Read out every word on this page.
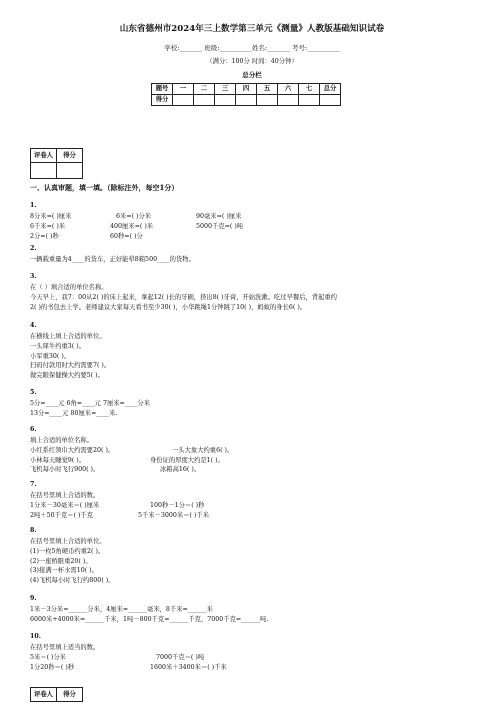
山东省德州市2024年三上数学第三单元《测量》人教版基础知识试卷
学校:_______ 班级:__________姓名:_______ 考号:__________
（满分：100分 时间：40分钟）
总分栏
题号	一	二	三	四	五	六	七	总分
得分								
评卷人	得分

一、认真审题，填一填。（除标注外，每空1分）
1.
8分米=( )厘米	6米=( )分米	90毫米=( )厘米
6千米=( )米	400厘米=( )米	5000千克=( )吨
2分=( )秒	60秒=( )分
2.
一辆载重量为4____的货车，正好能晕8箱500____的货物。
3.
在（ ）填合适的单位名称。
今天早上，我7：00从2( )的床上起来，拿起12( )长的牙刷，挤出8( )牙膏，开始洗漱。吃过早餐后，背起重约
2( )的书包去上学。老师建议大家每天看书至少30( )，小华跳绳1分钟跳了10( )，蚂蚁的身长6( )。
4.
在横线上填上合适的单位。
一头犀牛约重3( )。
小军重30( )。
扫码付款用时大约需要7( )。
做完眼保健操大约要5( )。
5.
5分=____元 6角=____元 7厘米=____分米
13分=____元 80厘米=____米.
6.
填上合适的单位名称。
小红系红领巾大约需要20( )。	一头大象大约重6( )。
小林每天睡觉9( )。	身份证的厚度大约是1( )。
飞机每小时飞行900( )。	冰箱高16( )。
7.
在括号里填上合适的数。
1分米－30毫米＝( )厘米	100秒－1分＝( )秒
2吨＋50千克＝( )千克	5千米－3000米＝( )千米
8.
在括号里填上合适的单位。
(1)一枚5角硬币约重2( )。
(2)一座桥限重20( )。
(3)接满一杯水需10( )。
(4)飞机每小时飞行约800( )。
9.
1米－3分米=______分米，4厘米=______毫米，8千米=______米
6000米+4000米=______千米，1吨－800千克=______千克，7000千克=______吨.
10.
在括号里填上适当的数。
5米＝( )分米	7000千克＝( )吨
1分20秒＝( )秒	1600米＋3400米＝( )千米
评卷人	得分
